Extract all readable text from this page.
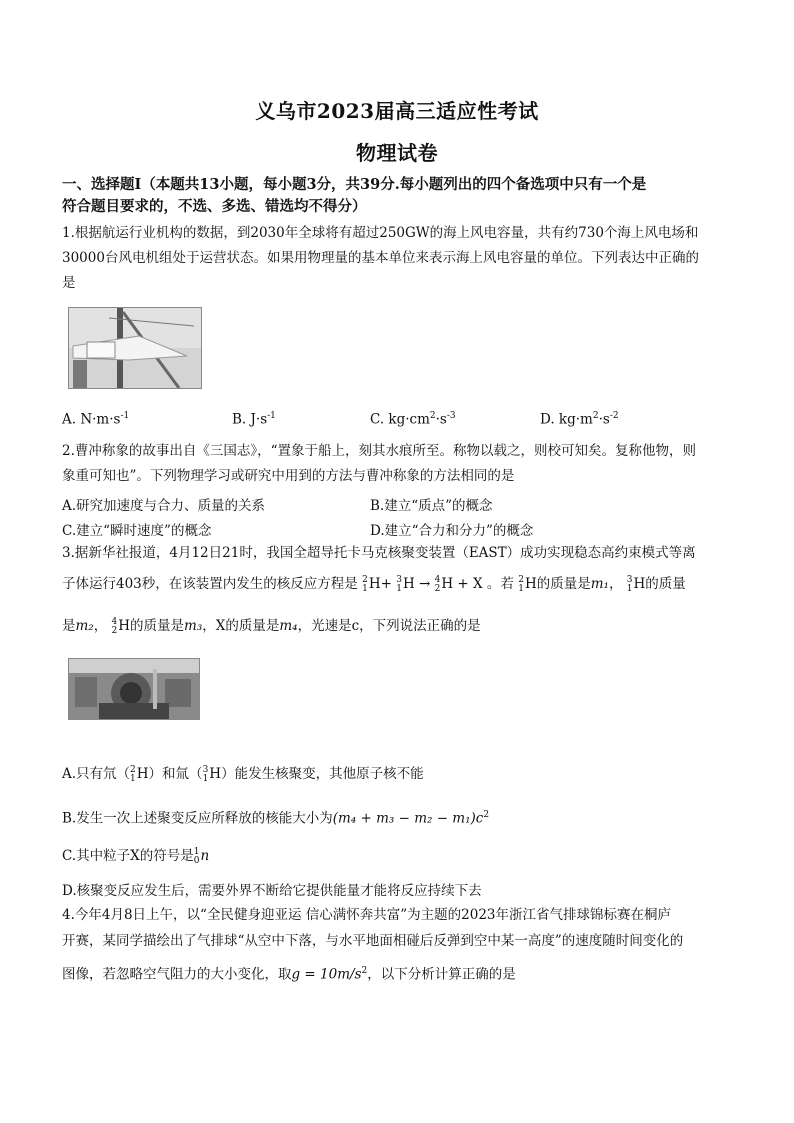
义乌市2023届高三适应性考试
物理试卷
一、选择题Ⅰ（本题共13小题，每小题3分，共39分.每小题列出的四个备选项中只有一个是
符合题目要求的，不选、多选、错选均不得分）
1.根据航运行业机构的数据，到2030年全球将有超过250GW的海上风电容量，共有约730个海上风电场和
30000台风电机组处于运营状态。如果用物理量的基本单位来表示海上风电容量的单位。下列表达中正确的
是
A. $N\cdot m\cdot s^{-1}$	B. $J\cdot s^{-1}$	C. $kg\cdot cm^2\cdot s^{-3}$	D. $kg\cdot m^2\cdot s^{-2}$
2.曹冲称象的故事出自《三国志》，“置象于船上，刻其水痕所至。称物以载之，则校可知矣。复称他物，则
象重可知也”。下列物理学习或研究中用到的方法与曹冲称象的方法相同的是
A.研究加速度与合力、质量的关系	B.建立“质点”的概念
C.建立“瞬时速度”的概念	D.建立“合力和分力”的概念
3.据新华社报道，4月12日21时，我国全超导托卡马克核聚变装置（EAST）成功实现稳态高约束模式等离
子体运行403秒，在该装置内发生的核反应方程是 2
1 H+ 3
1 H → 4
2 H + X 。若 2
1 H的质量是m₁， 3
1 H的质量
是m₂， 4
2 H的质量是m₃，X的质量是m₄，光速是c，下列说法正确的是
A.只有氘（ 2
1 H）和氚（ 3
1 H）能发生核聚变，其他原子核不能
B.发生一次上述聚变反应所释放的核能大小为$(m_4 + m_3 - m_2 - m_1)c^2$
C.其中粒子X的符号是 1
0 n
D.核聚变反应发生后，需要外界不断给它提供能量才能将反应持续下去
4.今年4月8日上午，以“全民健身迎亚运 信心满怀奔共富”为主题的2023年浙江省气排球锦标赛在桐庐
开赛，某同学描绘出了气排球“从空中下落，与水平地面相碰后反弹到空中某一高度”的速度随时间变化的
图像，若忽略空气阻力的大小变化，取$g = 10m/s^2$，以下分析计算正确的是
